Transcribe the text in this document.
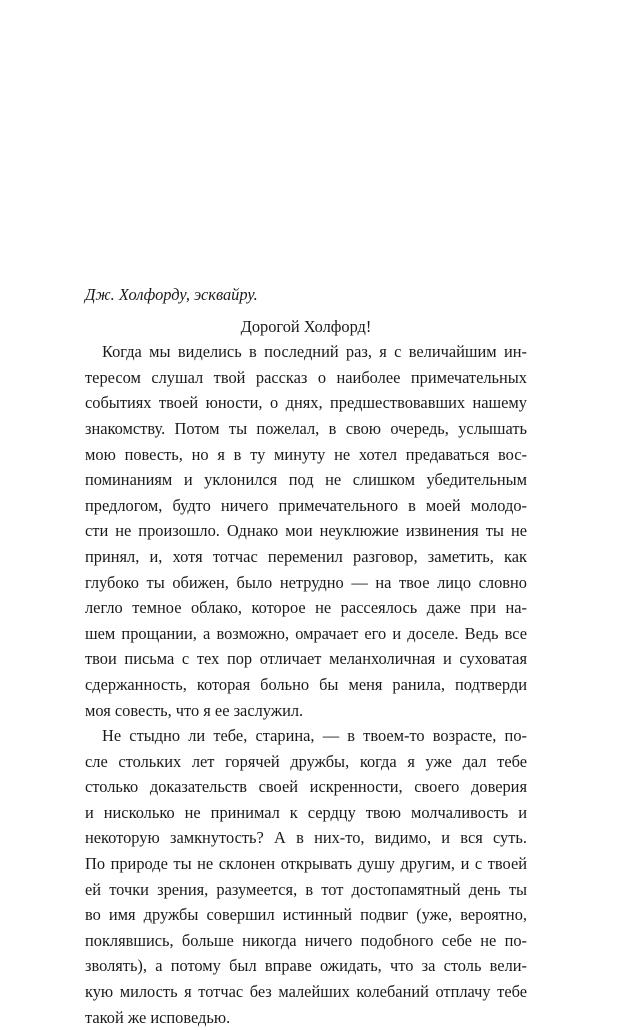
Дж. Холфорду, эсквайру.

Дорогой Холфорд!

Когда мы виделись в последний раз, я с величайшим ин-
тересом слушал твой рассказ о наиболее примечательных
событиях твоей юности, о днях, предшествовавших нашему
знакомству. Потом ты пожелал, в свою очередь, услышать
мою повесть, но я в ту минуту не хотел предаваться вос-
поминаниям и уклонился под не слишком убедительным
предлогом, будто ничего примечательного в моей молодо-
сти не произошло. Однако мои неуклюжие извинения ты не
принял, и, хотя тотчас переменил разговор, заметить, как
глубоко ты обижен, было нетрудно — на твое лицо словно
легло темное облако, которое не рассеялось даже при на-
шем прощании, а возможно, омрачает его и доселе. Ведь все
твои письма с тех пор отличает меланхоличная и суховатая
сдержанность, которая больно бы меня ранила, подтверди
моя совесть, что я ее заслужил.
Не стыдно ли тебе, старина, — в твоем-то возрасте, по-
сле стольких лет горячей дружбы, когда я уже дал тебе
столько доказательств своей искренности, своего доверия
и нисколько не принимал к сердцу твою молчаливость и
некоторую замкнутость? А в них-то, видимо, и вся суть.
По природе ты не склонен открывать душу другим, и с твоей
ей точки зрения, разумеется, в тот достопамятный день ты
во имя дружбы совершил истинный подвиг (уже, вероятно,
поклявшись, больше никогда ничего подобного себе не по-
зволять), а потому был вправе ожидать, что за столь вели-
кую милость я тотчас без малейших колебаний отплачу тебе
такой же исповедью.
